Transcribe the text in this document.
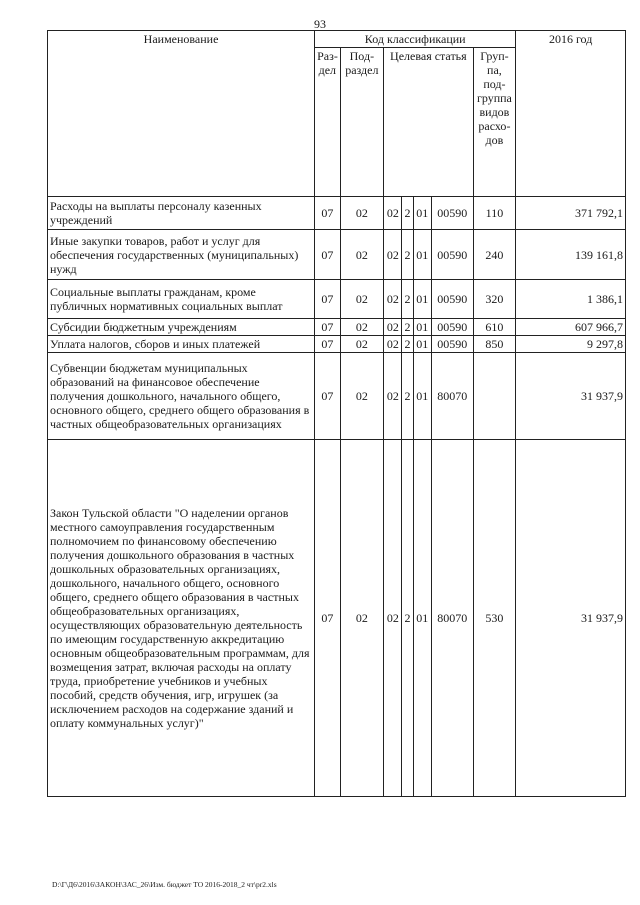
93
Наименование	Код классификации							2016 год
	Раздел	Подраздел	Целевая статья				Группа, подгруппа видов расходов	
Расходы на выплаты персоналу казенных учреждений	07	02	02	2	01	00590	110	371 792,1
Иные закупки товаров, работ и услуг для обеспечения государственных (муниципальных) нужд	07	02	02	2	01	00590	240	139 161,8
Социальные выплаты гражданам, кроме публичных нормативных социальных выплат	07	02	02	2	01	00590	320	1 386,1
Субсидии бюджетным учреждениям	07	02	02	2	01	00590	610	607 966,7
Уплата налогов, сборов и иных платежей	07	02	02	2	01	00590	850	9 297,8
Субвенции бюджетам муниципальных образований на финансовое обеспечение получения дошкольного, начального общего, основного общего, среднего общего образования в частных общеобразовательных организациях	07	02	02	2	01	80070		31 937,9
Закон Тульской области "О наделении органов местного самоуправления государственным полномочием по финансовому обеспечению получения дошкольного образования в частных дошкольных образовательных организациях, дошкольного, начального общего, основного общего, среднего общего образования в частных общеобразовательных организациях, осуществляющих образовательную деятельность по имеющим государственную аккредитацию основным общеобразовательным программам, для возмещения затрат, включая расходы на оплату труда, приобретение учебников и учебных пособий, средств обучения, игр, игрушек (за исключением расходов на содержание зданий и оплату коммунальных услуг)"	07	02	02	2	01	80070	530	31 937,9
D:\Г\Д6\2016\ЗАКОН\ЗАС_26\Изм. бюджет ТО 2016-2018_2 чт\pr2.xls
